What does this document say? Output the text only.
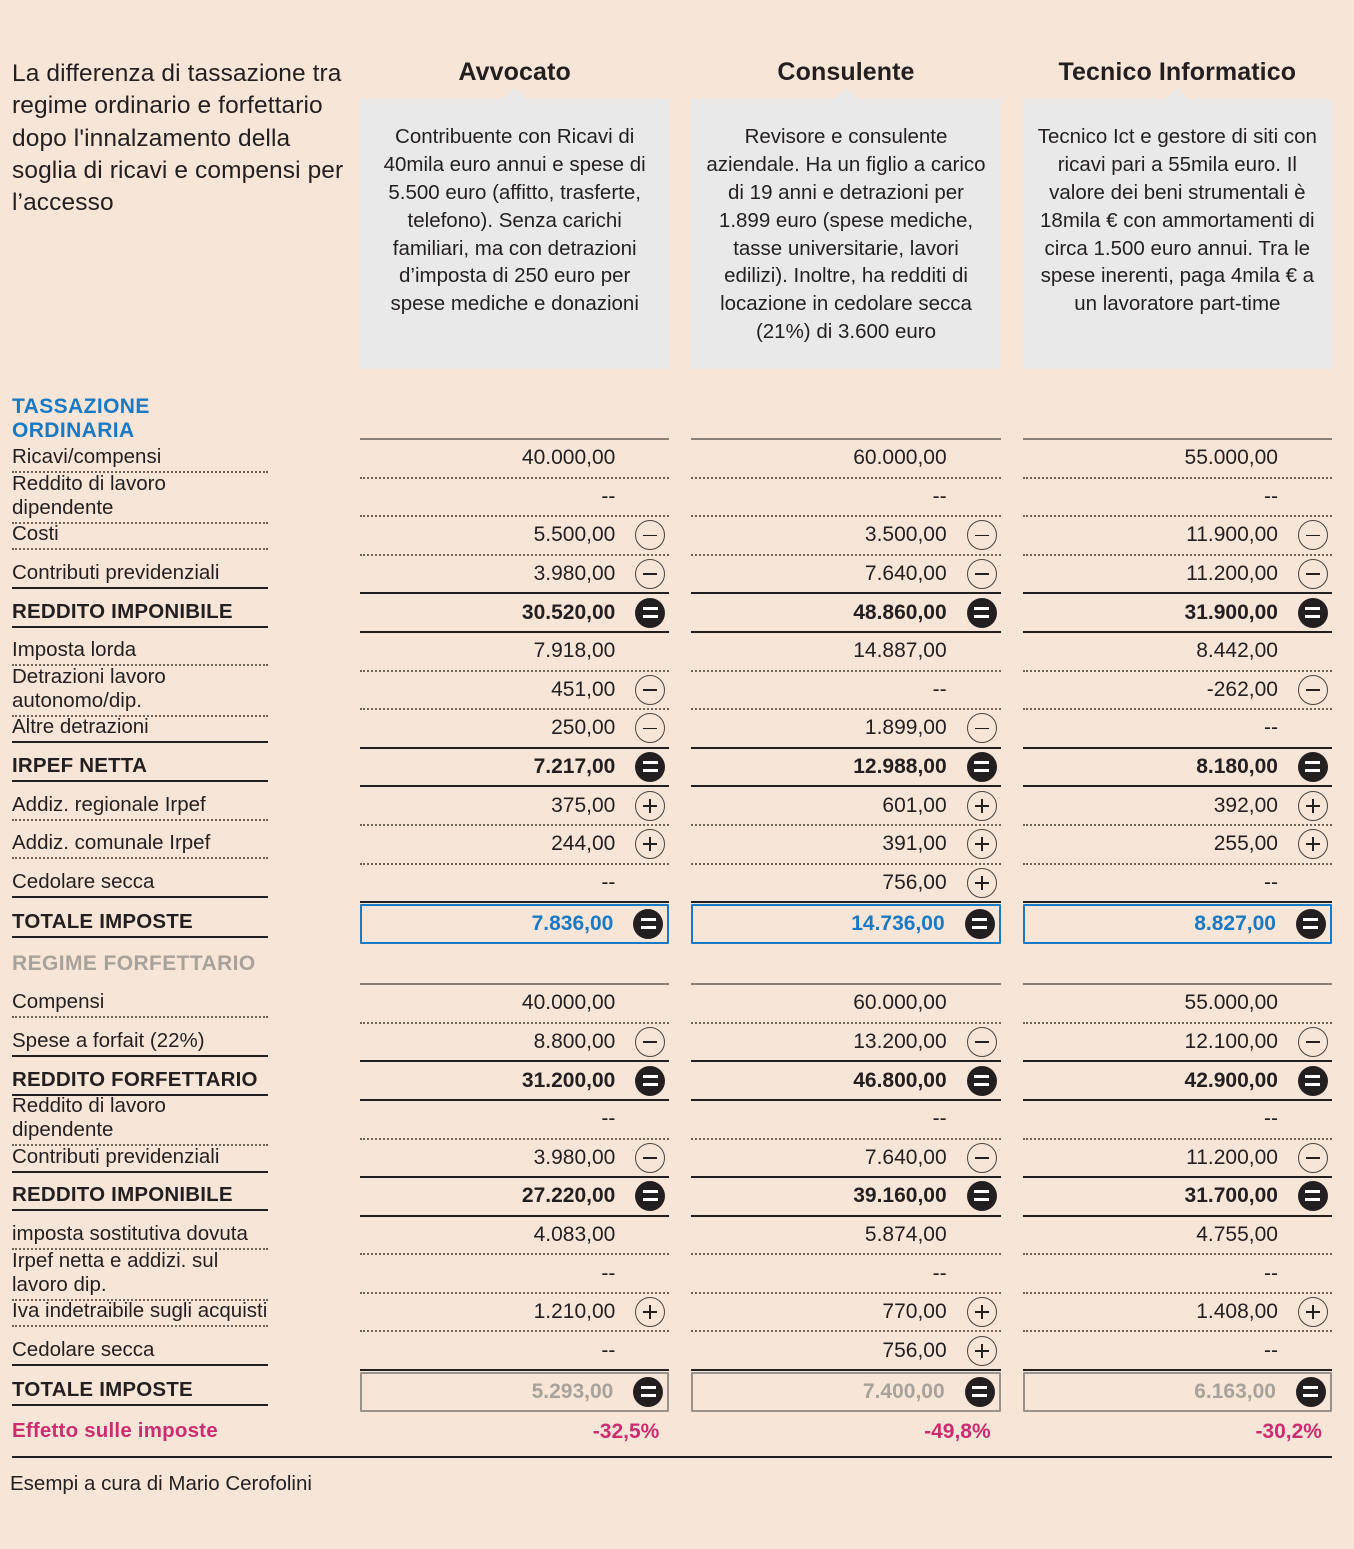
La differenza di tassazione tra regime ordinario e forfettario dopo l'innalzamento della soglia di ricavi e compensi per l’accesso
Avvocato
Contribuente con Ricavi di 40mila euro annui e spese di 5.500 euro (affitto, trasferte, telefono). Senza carichi familiari, ma con detrazioni d’imposta di 250 euro per spese mediche e donazioni
Consulente
Revisore e consulente aziendale. Ha un figlio a carico di 19 anni e detrazioni per 1.899 euro (spese mediche, tasse universitarie, lavori edilizi). Inoltre, ha redditi di locazione in cedolare secca (21%) di 3.600 euro
Tecnico Informatico
Tecnico Ict e gestore di siti con ricavi pari a 55mila euro. Il valore dei beni strumentali è 18mila € con ammortamenti di circa 1.500 euro annui. Tra le spese inerenti, paga 4mila € a un lavoratore part-time
TASSAZIONE ORDINARIA
Ricavi/compensi	40.000,00	60.000,00	55.000,00
Reddito di lavoro dipendente	--	--	--
Costi	5.500,00	3.500,00	11.900,00
Contributi previdenziali	3.980,00	7.640,00	11.200,00
REDDITO IMPONIBILE	30.520,00	48.860,00	31.900,00
Imposta lorda	7.918,00	14.887,00	8.442,00
Detrazioni lavoro autonomo/dip.	451,00	--	-262,00
Altre detrazioni	250,00	1.899,00	--
IRPEF NETTA	7.217,00	12.988,00	8.180,00
Addiz. regionale Irpef	375,00	601,00	392,00
Addiz. comunale Irpef	244,00	391,00	255,00
Cedolare secca	--	756,00	--
TOTALE IMPOSTE	7.836,00	14.736,00	8.827,00
REGIME FORFETTARIO
Compensi	40.000,00	60.000,00	55.000,00
Spese a forfait (22%)	8.800,00	13.200,00	12.100,00
REDDITO FORFETTARIO	31.200,00	46.800,00	42.900,00
Reddito di lavoro dipendente	--	--	--
Contributi previdenziali	3.980,00	7.640,00	11.200,00
REDDITO IMPONIBILE	27.220,00	39.160,00	31.700,00
imposta sostitutiva dovuta	4.083,00	5.874,00	4.755,00
Irpef netta e addizi. sul lavoro dip.	--	--	--
Iva indetraibile sugli acquisti	1.210,00	770,00	1.408,00
Cedolare secca	--	756,00	--
TOTALE IMPOSTE	5.293,00	7.400,00	6.163,00
Effetto sulle imposte	-32,5%	-49,8%	-30,2%
Esempi a cura di Mario Cerofolini
